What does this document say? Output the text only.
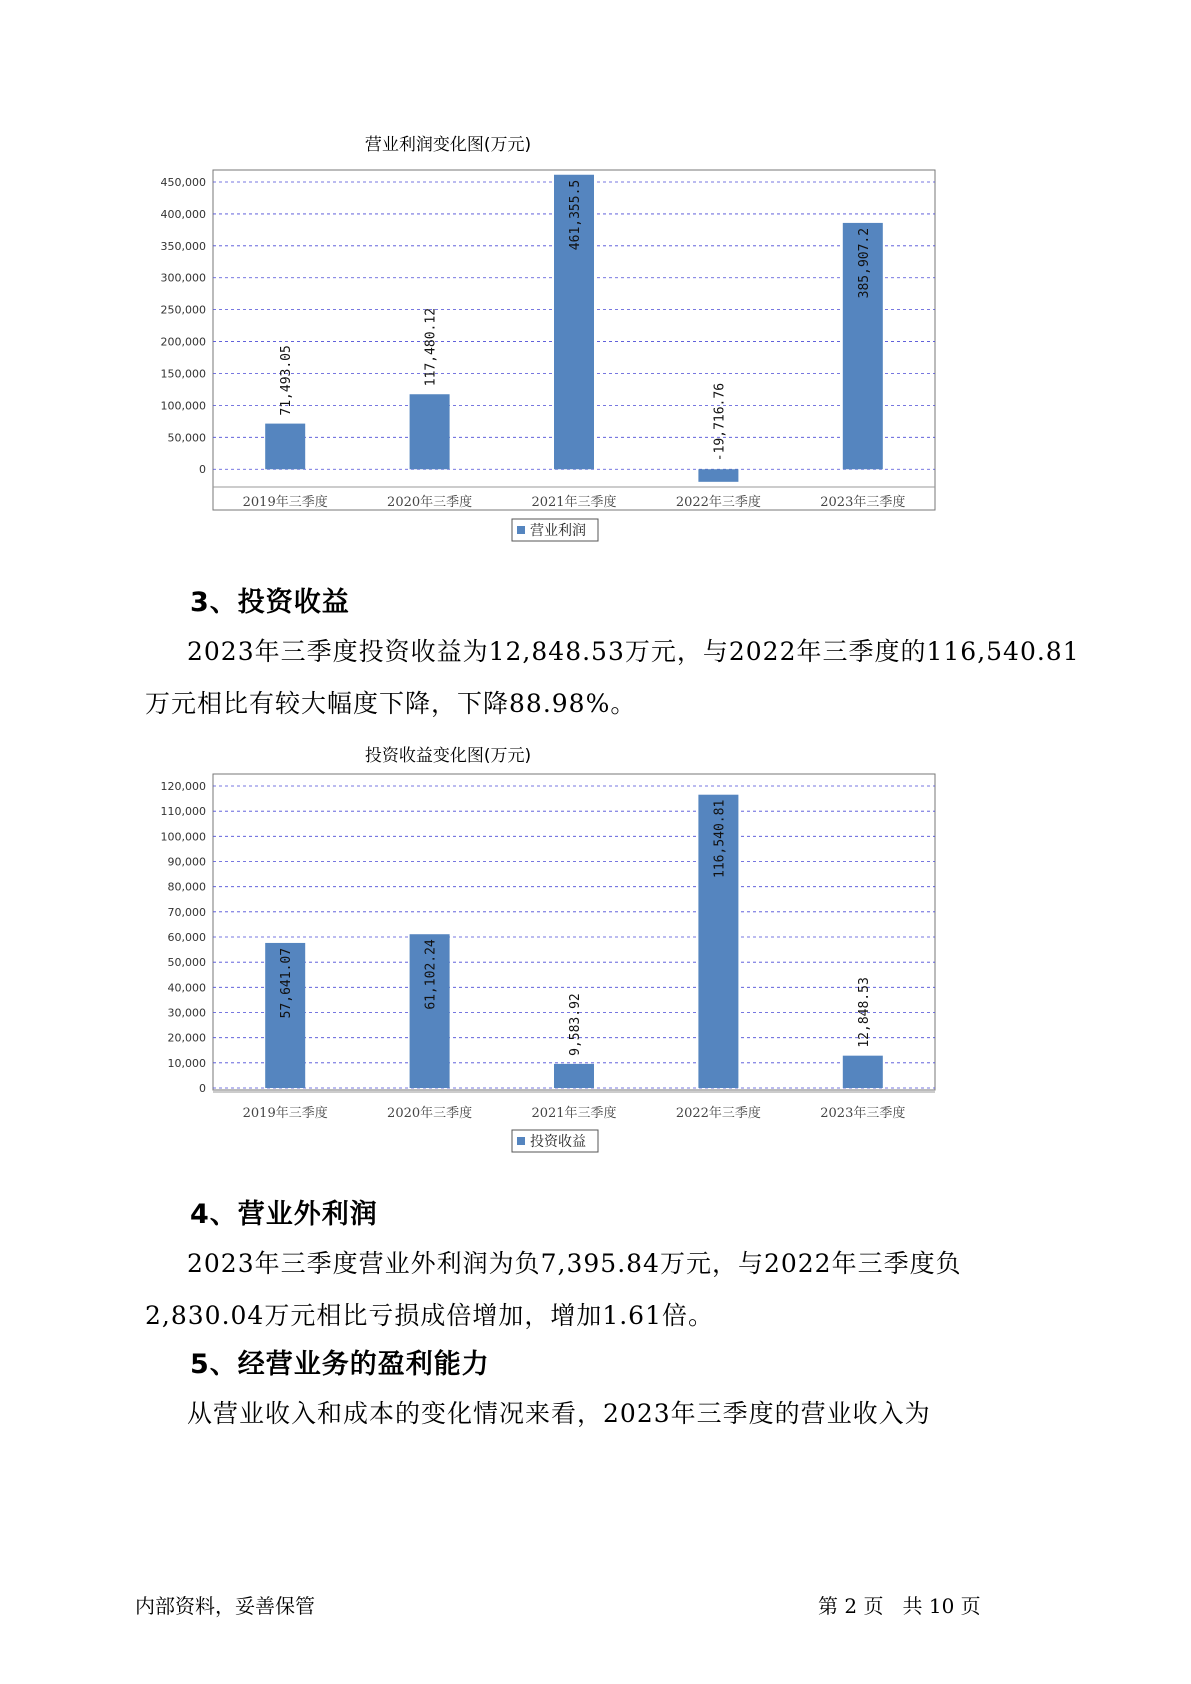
营业利润变化图(万元)
0
50,000
100,000
150,000
200,000
250,000
300,000
350,000
400,000
450,000
71,493.05
2019年三季度
117,480.12
2020年三季度
461,355.5
2021年三季度
-19,716.76
2022年三季度
385,907.2
2023年三季度
营业利润
3、投资收益
2023年三季度投资收益为12,848.53万元，与2022年三季度的116,540.81
万元相比有较大幅度下降，下降88.98%。
投资收益变化图(万元)
0
10,000
20,000
30,000
40,000
50,000
60,000
70,000
80,000
90,000
100,000
110,000
120,000
57,641.07
2019年三季度
61,102.24
2020年三季度
9,583.92
2021年三季度
116,540.81
2022年三季度
12,848.53
2023年三季度
投资收益
4、营业外利润
2023年三季度营业外利润为负7,395.84万元，与2022年三季度负
2,830.04万元相比亏损成倍增加，增加1.61倍。
5、经营业务的盈利能力
从营业收入和成本的变化情况来看，2023年三季度的营业收入为
内部资料，妥善保管	第 2 页   共 10 页
